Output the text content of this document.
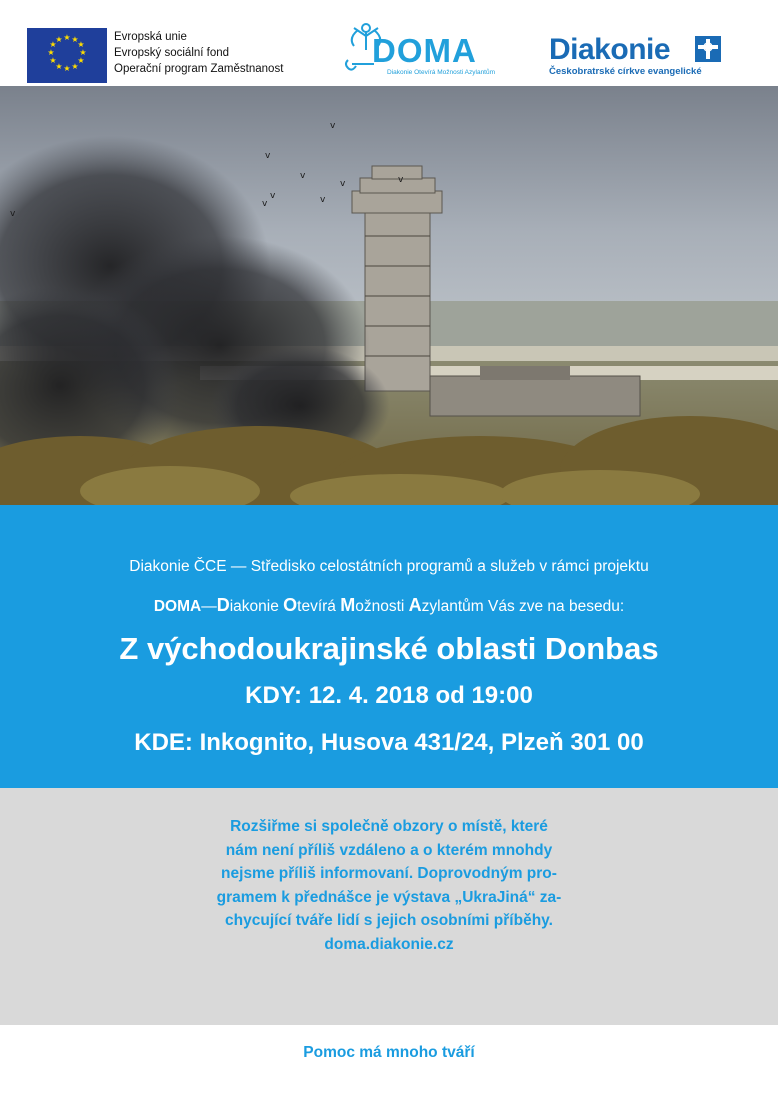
★ ★
★
★
★
★
★
★
★
★
★
★	Evropská unie
Evropský sociální fond
Operační program Zaměstnanost	DOMA
Diakonie Otevírá Možnosti Azylantům
Diakonie
Českobratrské církve evangelické
v
v
v
v
v	v
v
v
v
Diakonie ČCE — Středisko celostátních programů a služeb v rámci projektu
DOMA—Diakonie Otevírá Možnosti Azylantům Vás zve na besedu:
Z východoukrajinské oblasti Donbas
KDY: 12. 4. 2018 od 19:00
KDE: Inkognito, Husova 431/24, Plzeň 301 00
Rozšiřme si společně obzory o místě, které
nám není příliš vzdáleno a o kterém mnohdy
nejsme příliš informovaní. Doprovodným pro-
gramem k přednášce je výstava „UkraJiná“ za-
chycující tváře lidí s jejich osobními příběhy.
doma.diakonie.cz
Pomoc má mnoho tváří
